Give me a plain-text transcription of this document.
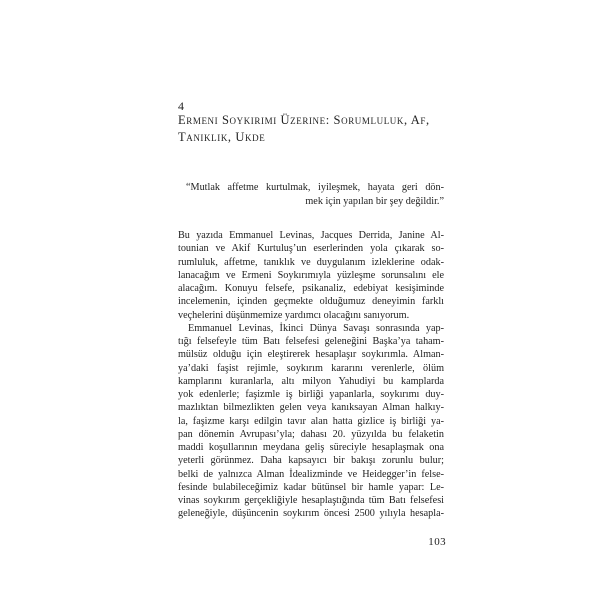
4
Ermeni Soykırımı Üzerine: Sorumluluk, Af,
Tanıklık, Ukde
“Mutlak affetme kurtulmak, iyileşmek, hayata geri dön-
mek için yapılan bir şey değildir.”
Bu yazıda Emmanuel Levinas, Jacques Derrida, Janine Al-
tounian ve Akif Kurtuluş’un eserlerinden yola çıkarak so-
rumluluk, affetme, tanıklık ve duygulanım izleklerine odak-
lanacağım ve Ermeni Soykırımıyla yüzleşme sorunsalını ele
alacağım. Konuyu felsefe, psikanaliz, edebiyat kesişiminde
incelemenin, içinden geçmekte olduğumuz deneyimin farklı
veçhelerini düşünmemize yardımcı olacağını sanıyorum.
Emmanuel Levinas, İkinci Dünya Savaşı sonrasında yap-
tığı felsefeyle tüm Batı felsefesi geleneğini Başka’ya taham-
mülsüz olduğu için eleştirerek hesaplaşır soykırımla. Alman-
ya’daki faşist rejimle, soykırım kararını verenlerle, ölüm
kamplarını kuranlarla, altı milyon Yahudiyi bu kamplarda
yok edenlerle; faşizmle iş birliği yapanlarla, soykırımı duy-
mazlıktan bilmezlikten gelen veya kanıksayan Alman halkıy-
la, faşizme karşı edilgin tavır alan hatta gizlice iş birliği ya-
pan dönemin Avrupası’yla; dahası 20. yüzyılda bu felaketin
maddi koşullarının meydana geliş süreciyle hesaplaşmak ona
yeterli görünmez. Daha kapsayıcı bir bakışı zorunlu bulur;
belki de yalnızca Alman İdealizminde ve Heidegger’in felse-
fesinde bulabileceğimiz kadar bütünsel bir hamle yapar: Le-
vinas soykırım gerçekliğiyle hesaplaştığında tüm Batı felsefesi
geleneğiyle, düşüncenin soykırım öncesi 2500 yılıyla hesapla-
103
